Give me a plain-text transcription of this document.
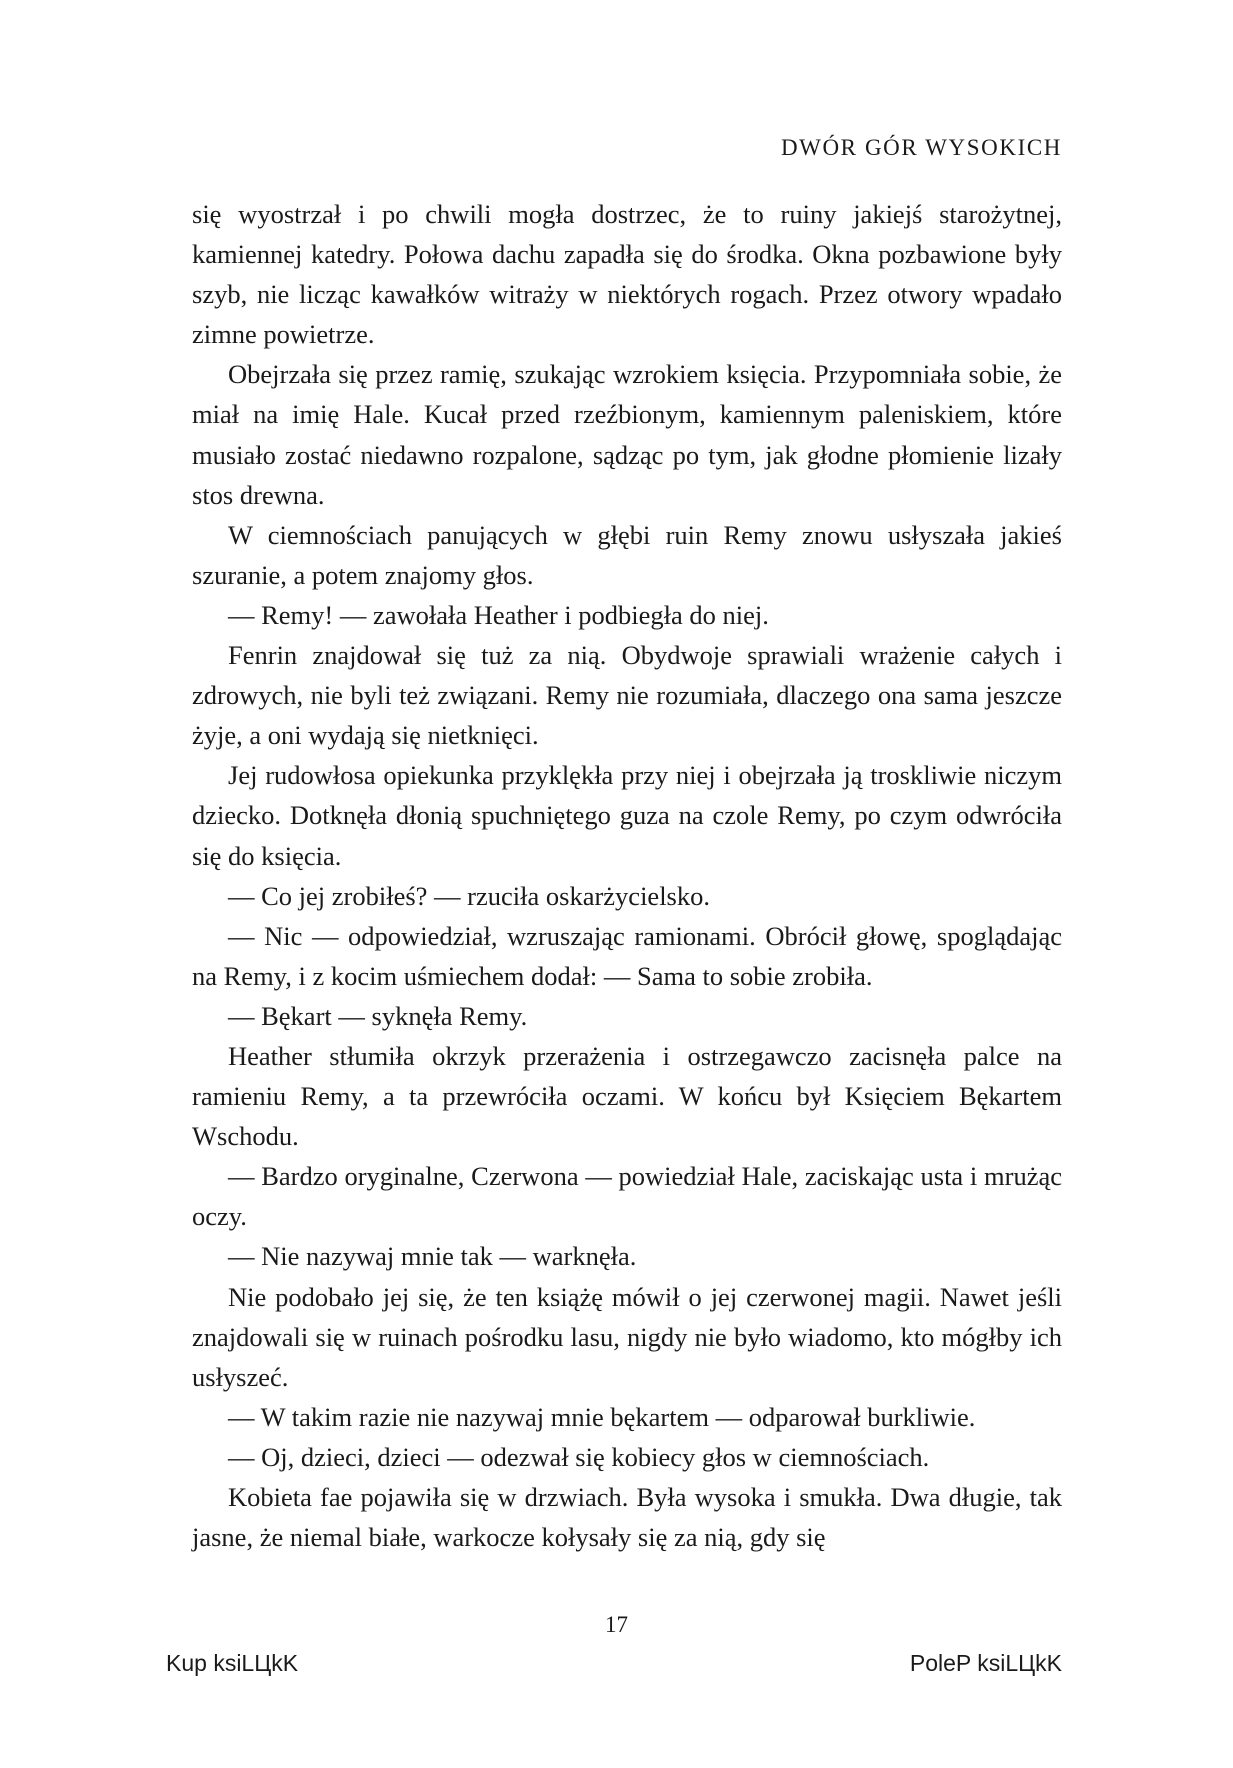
DWÓR GÓR WYSOKICH

się wyostrzał i po chwili mogła dostrzec, że to ruiny jakiejś starożytnej, kamiennej katedry. Połowa dachu zapadła się do środka. Okna pozbawione były szyb, nie licząc kawałków witraży w niektórych rogach. Przez otwory wpadało zimne powietrze.

Obejrzała się przez ramię, szukając wzrokiem księcia. Przypomniała sobie, że miał na imię Hale. Kucał przed rzeźbionym, kamiennym paleniskiem, które musiało zostać niedawno rozpalone, sądząc po tym, jak głodne płomienie lizały stos drewna.

W ciemnościach panujących w głębi ruin Remy znowu usłyszała jakieś szuranie, a potem znajomy głos.

— Remy! — zawołała Heather i podbiegła do niej.

Fenrin znajdował się tuż za nią. Obydwoje sprawiali wrażenie całych i zdrowych, nie byli też związani. Remy nie rozumiała, dlaczego ona sama jeszcze żyje, a oni wydają się nietknięci.

Jej rudowłosa opiekunka przyklękła przy niej i obejrzała ją troskliwie niczym dziecko. Dotknęła dłonią spuchniętego guza na czole Remy, po czym odwróciła się do księcia.

— Co jej zrobiłeś? — rzuciła oskarżycielsko.

— Nic — odpowiedział, wzruszając ramionami. Obrócił głowę, spoglądając na Remy, i z kocim uśmiechem dodał: — Sama to sobie zrobiła.

— Bękart — syknęła Remy.

Heather stłumiła okrzyk przerażenia i ostrzegawczo zacisnęła palce na ramieniu Remy, a ta przewróciła oczami. W końcu był Księciem Bękartem Wschodu.

— Bardzo oryginalne, Czerwona — powiedział Hale, zaciskając usta i mrużąc oczy.

— Nie nazywaj mnie tak — warknęła.

Nie podobało jej się, że ten książę mówił o jej czerwonej magii. Nawet jeśli znajdowali się w ruinach pośrodku lasu, nigdy nie było wiadomo, kto mógłby ich usłyszeć.

— W takim razie nie nazywaj mnie bękartem — odparował burkliwie.

— Oj, dzieci, dzieci — odezwał się kobiecy głos w ciemnościach.

Kobieta fae pojawiła się w drzwiach. Była wysoka i smukła. Dwa długie, tak jasne, że niemal białe, warkocze kołysały się za nią, gdy się

17
Kup ksiLЦkK	PoleP ksiLЦkK
